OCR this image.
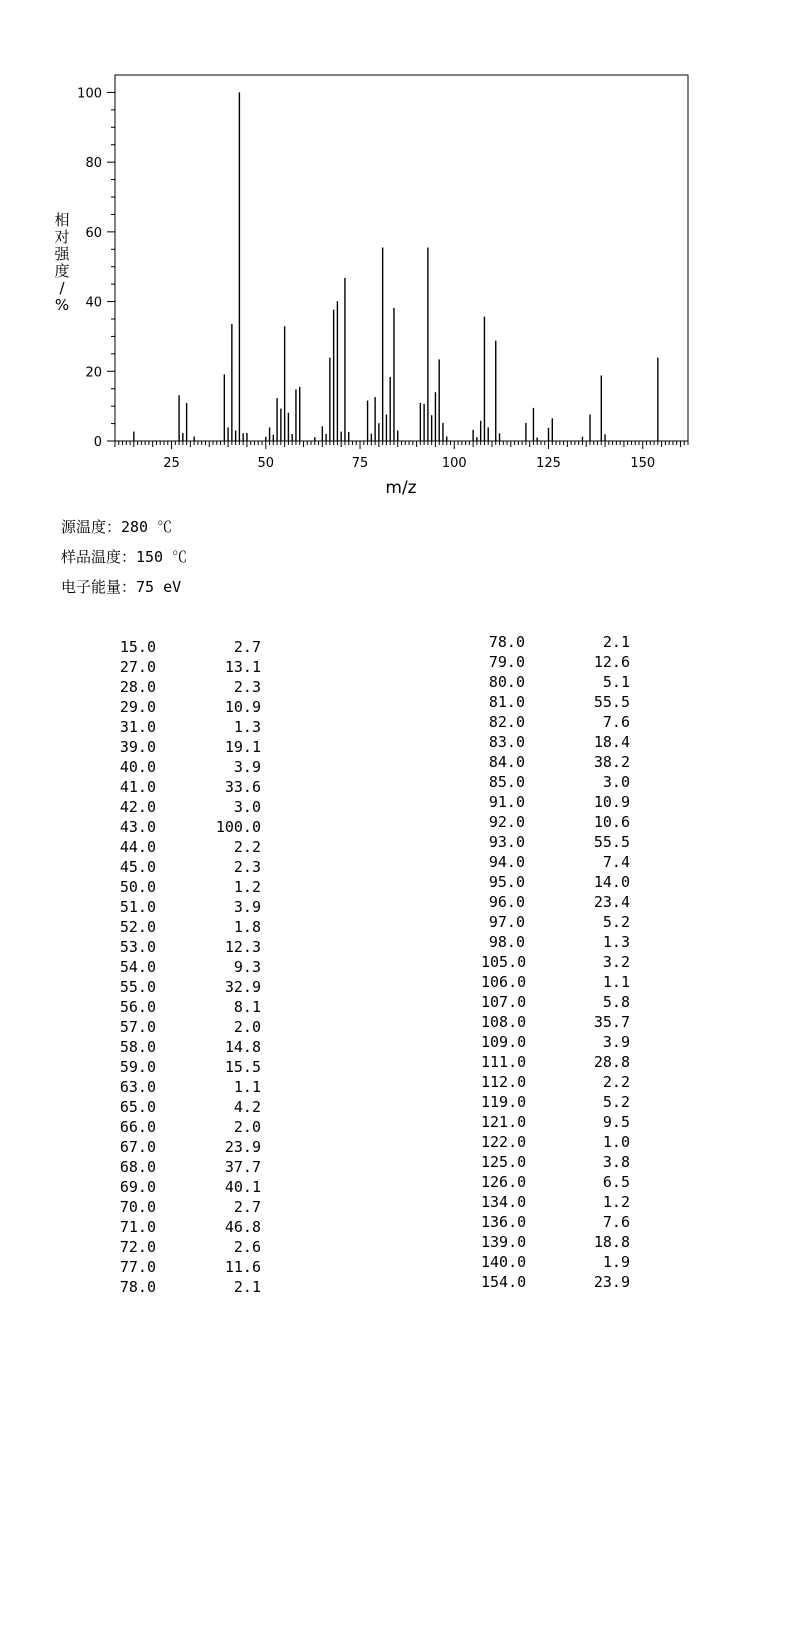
25	50	75	100	125	150
0
20
40
60
80
100
m/z
相对强度/ %
源温度：280 ℃
样品温度：150 ℃
电子能量：75 eV
15.0	2.7
27.0	13.1
28.0	2.3
29.0	10.9
31.0	1.3
39.0	19.1
40.0	3.9
41.0	33.6
42.0	3.0
43.0	100.0
44.0	2.2
45.0	2.3
50.0	1.2
51.0	3.9
52.0	1.8
53.0	12.3
54.0	9.3
55.0	32.9
56.0	8.1
57.0	2.0
58.0	14.8
59.0	15.5
63.0	1.1
65.0	4.2
66.0	2.0
67.0	23.9
68.0	37.7
69.0	40.1
70.0	2.7
71.0	46.8
72.0	2.6
77.0	11.6
78.0	2.1
78.0	2.1
79.0	12.6
80.0	5.1
81.0	55.5
82.0	7.6
83.0	18.4
84.0	38.2
85.0	3.0
91.0	10.9
92.0	10.6
93.0	55.5
94.0	7.4
95.0	14.0
96.0	23.4
97.0	5.2
98.0	1.3
105.0	3.2
106.0	1.1
107.0	5.8
108.0	35.7
109.0	3.9
111.0	28.8
112.0	2.2
119.0	5.2
121.0	9.5
122.0	1.0
125.0	3.8
126.0	6.5
134.0	1.2
136.0	7.6
139.0	18.8
140.0	1.9
154.0	23.9
